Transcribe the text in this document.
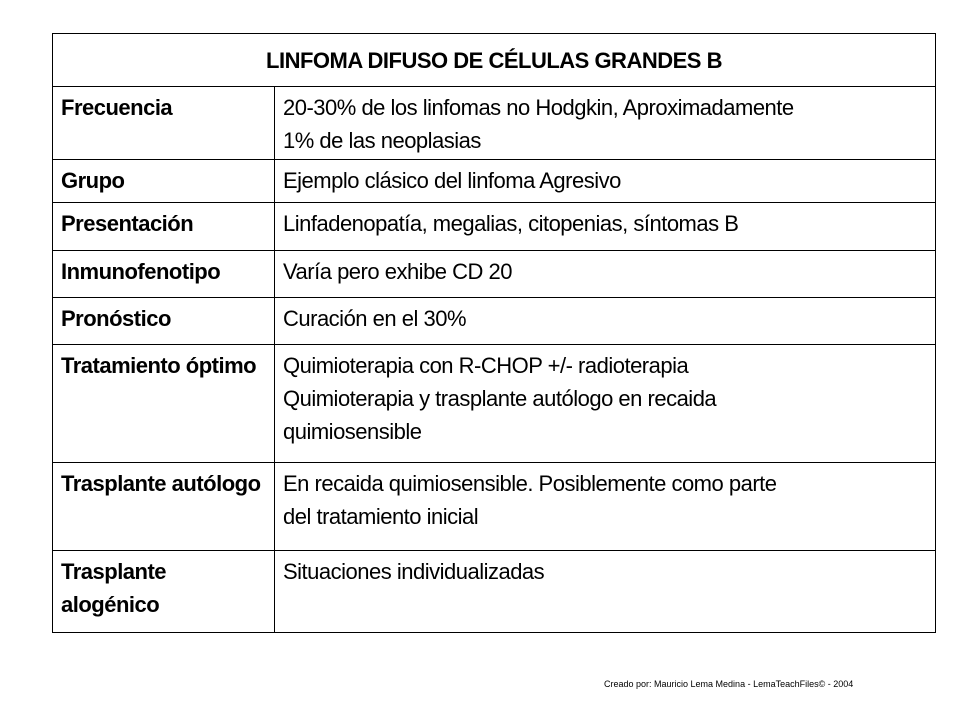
LINFOMA DIFUSO DE CÉLULAS GRANDES B	
Frecuencia	20-30% de los linfomas no Hodgkin, Aproximadamente
1% de las neoplasias

Grupo	Ejemplo clásico del linfoma Agresivo

Presentación	Linfadenopatía, megalias, citopenias, síntomas B

Inmunofenotipo	Varía pero exhibe CD 20

Pronóstico	Curación en el 30%

Tratamiento óptimo	Quimioterapia con R-CHOP +/- radioterapia
Quimioterapia y trasplante autólogo en recaida
quimiosensible

Trasplante autólogo	En recaida quimiosensible. Posiblemente como parte
del tratamiento inicial

Trasplante alogénico	Situaciones individualizadas
Creado por: Mauricio Lema Medina - LemaTeachFiles© - 2004
